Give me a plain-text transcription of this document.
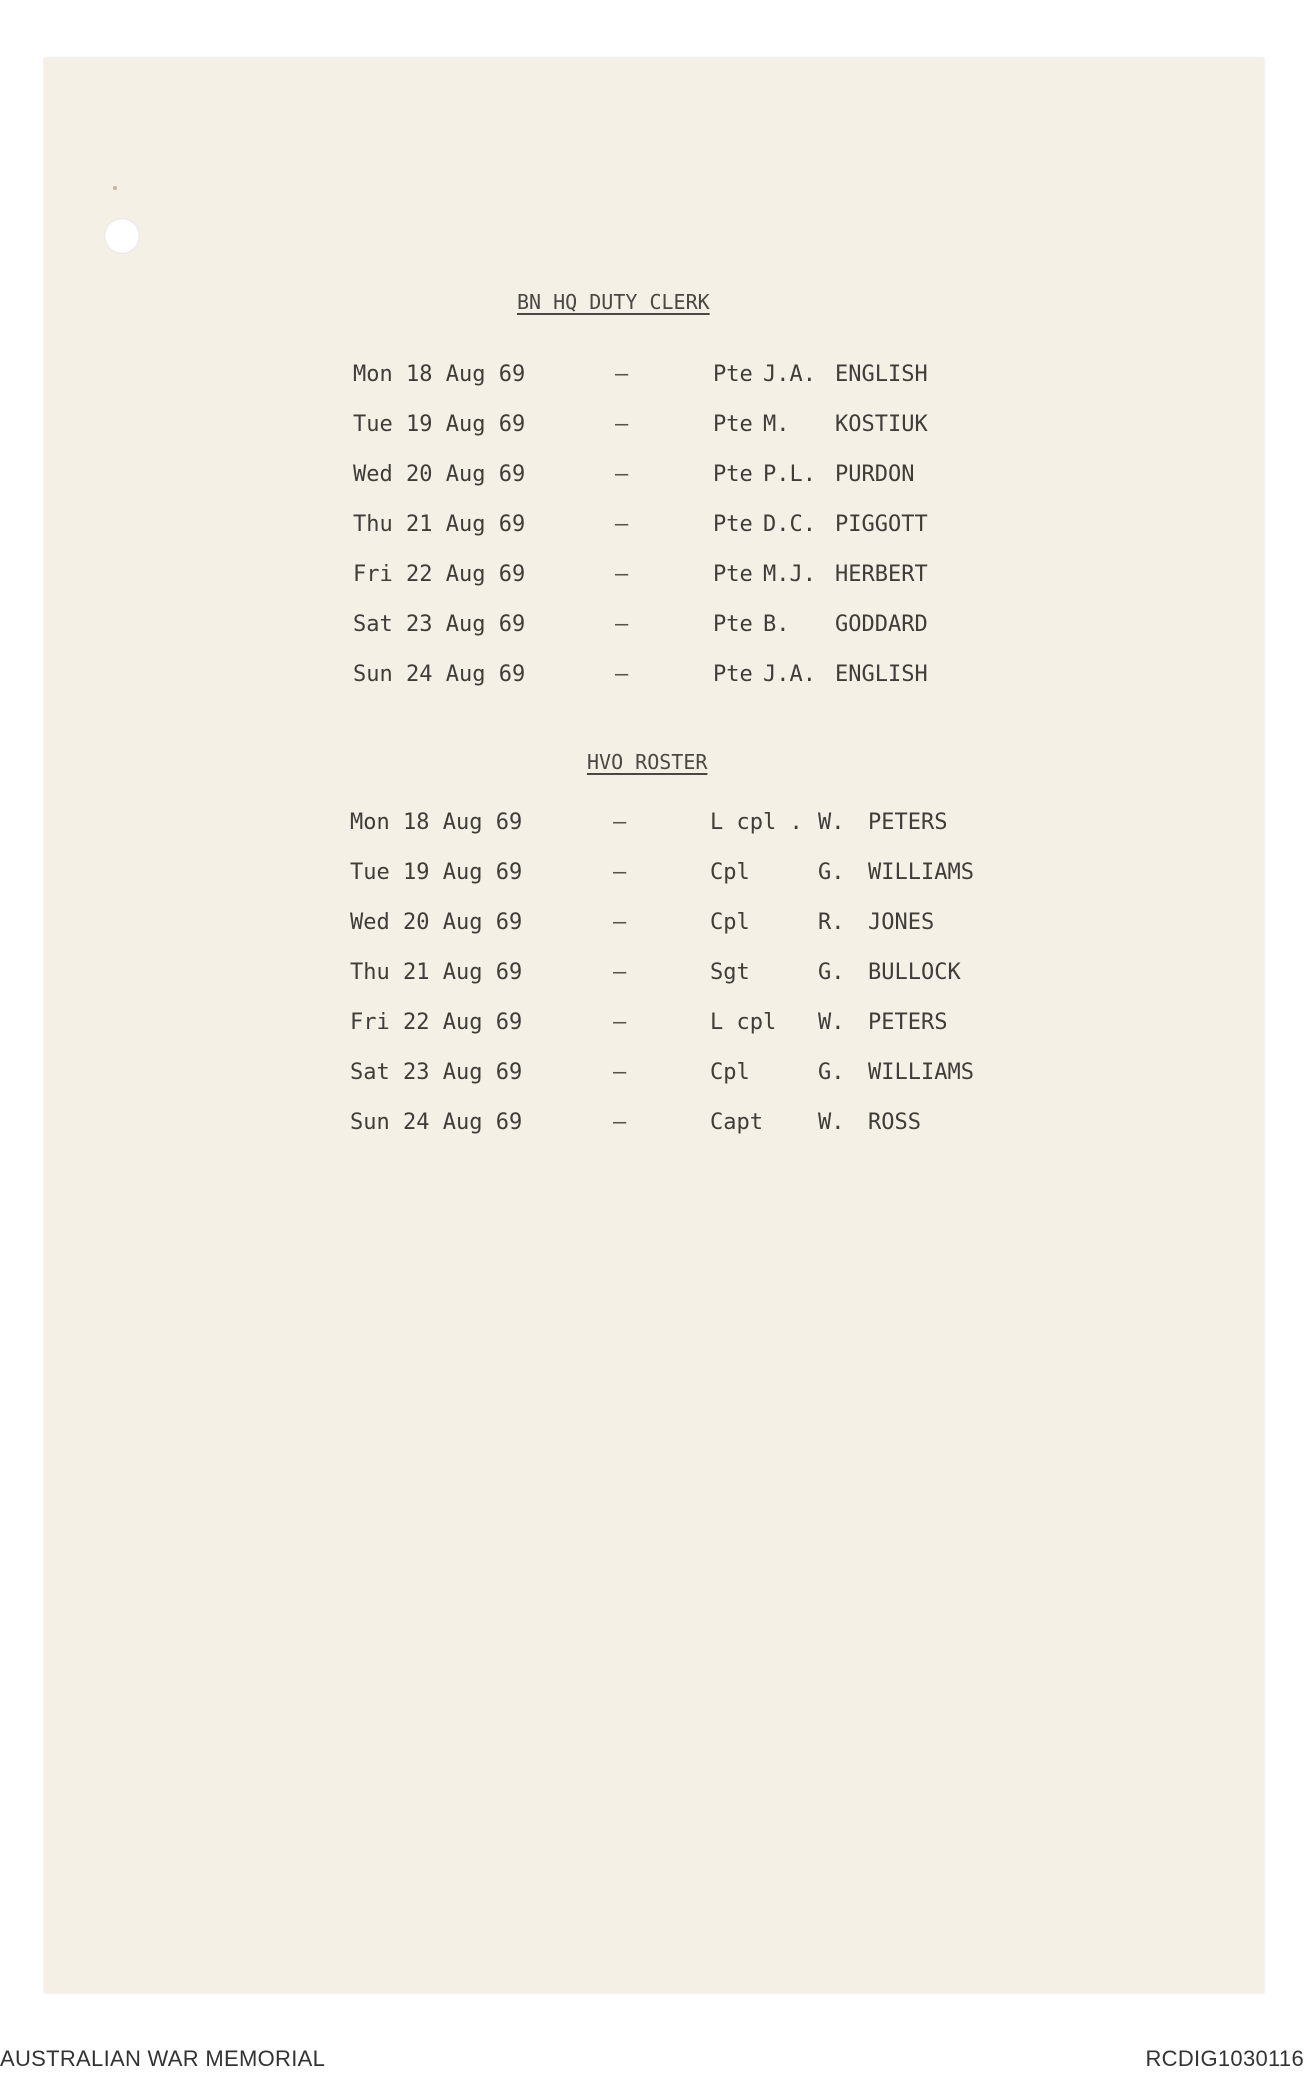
BN HQ DUTY CLERK
Mon 18 Aug 69	–	Pte J.A. ENGLISH
Tue 19 Aug 69	–	Pte M. KOSTIUK
Wed 20 Aug 69	–	Pte P.L. PURDON
Thu 21 Aug 69	–	Pte D.C. PIGGOTT
Fri 22 Aug 69	–	Pte M.J. HERBERT
Sat 23 Aug 69	–	Pte B. GODDARD
Sun 24 Aug 69	–	Pte J.A. ENGLISH
HVO ROSTER
Mon 18 Aug 69	–	L cpl . W. PETERS
Tue 19 Aug 69	–	Cpl	G. WILLIAMS
Wed 20 Aug 69	–	Cpl	R. JONES
Thu 21 Aug 69	–	Sgt	G. BULLOCK
Fri 22 Aug 69	–	L cpl W. PETERS
Sat 23 Aug 69	–	Cpl	G. WILLIAMS
Sun 24 Aug 69	–	Capt	W. ROSS
AUSTRALIAN WAR MEMORIAL	RCDIG1030116
